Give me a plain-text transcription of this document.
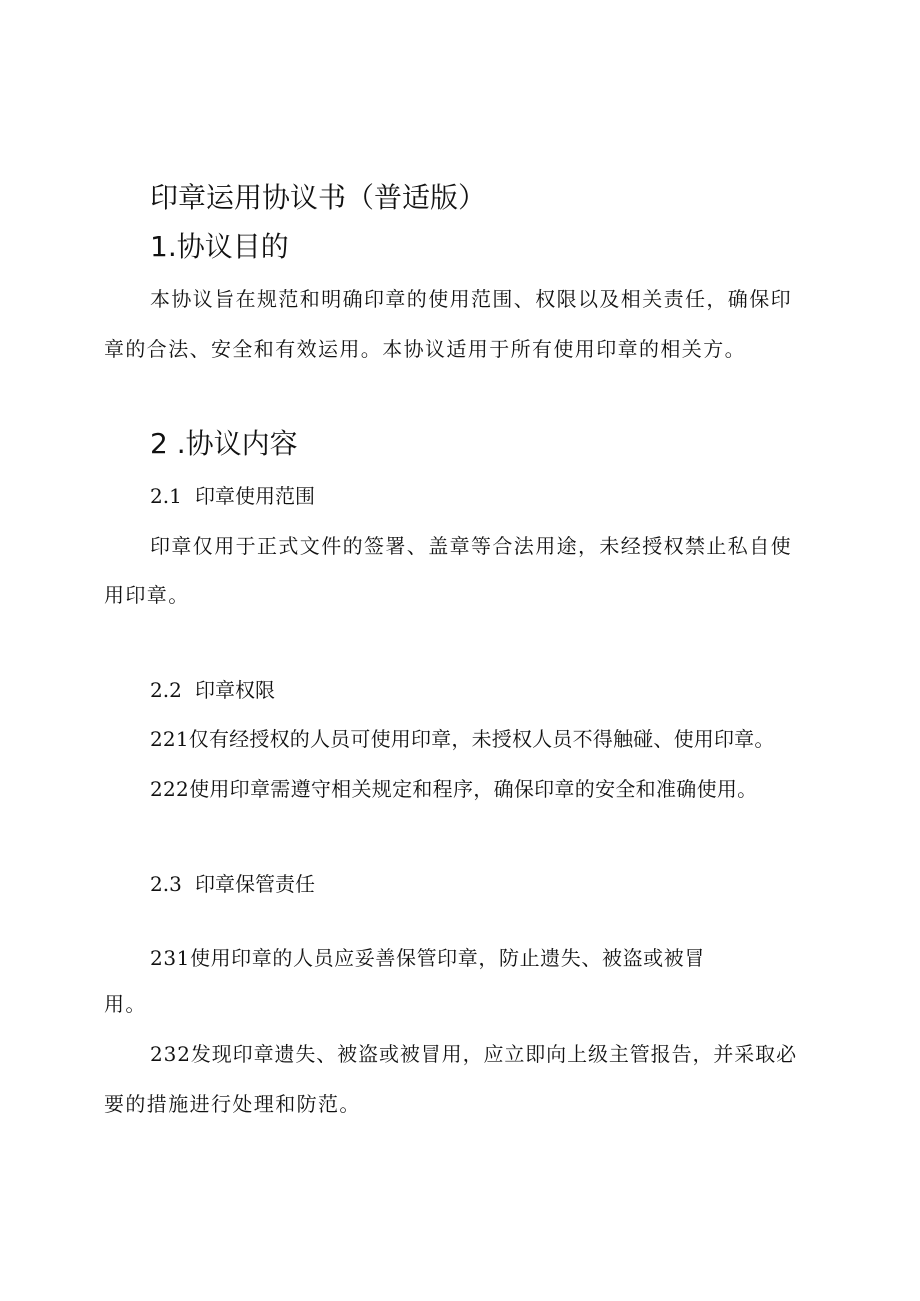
印章运用协议书（普适版）
1.协议目的
本协议旨在规范和明确印章的使用范围、权限以及相关责任，确保印
章的合法、安全和有效运用。本协议适用于所有使用印章的相关方。
2 .协议内容
2.1 印章使用范围
印章仅用于正式文件的签署、盖章等合法用途，未经授权禁止私自使
用印章。
2.2 印章权限
221仅有经授权的人员可使用印章，未授权人员不得触碰、使用印章。
222使用印章需遵守相关规定和程序，确保印章的安全和准确使用。
2.3 印章保管责任
231使用印章的人员应妥善保管印章，防止遗失、被盗或被冒
用。
232发现印章遗失、被盗或被冒用，应立即向上级主管报告，并采取必
要的措施进行处理和防范。
